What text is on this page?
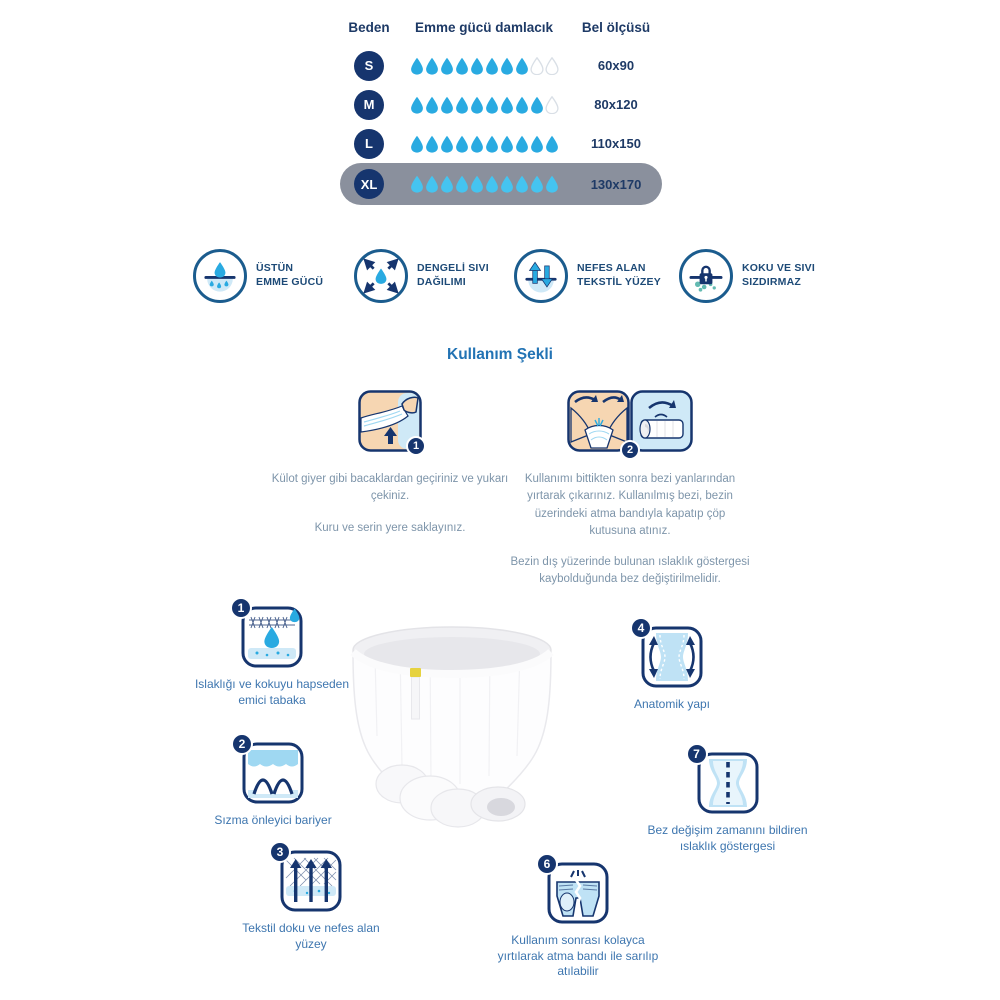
Beden	Emme gücü damlacık	Bel ölçüsü
S	60x90
M	80x120
L	110x150
XL	130x170
ÜSTÜN
EMME GÜCÜ
DENGELİ SIVI
DAĞILIMI
NEFES ALAN
TEKSTİL YÜZEY
KOKU VE SIVI
SIZDIRMAZ
Kullanım Şekli
1

Külot giyer gibi bacaklardan geçiriniz ve yukarı çekiniz.

Kuru ve serin yere saklayınız.

2

Kullanımı bittikten sonra bezi yanlarından yırtarak çıkarınız. Kullanılmış bezi, bezin üzerindeki atma bandıyla kapatıp çöp kutusuna atınız.

Bezin dış yüzerinde bulunan ıslaklık göstergesi kaybolduğunda bez değiştirilmelidir.

1
Islaklığı ve kokuyu hapseden emici tabaka
2
Sızma önleyici bariyer
3
Tekstil doku ve nefes alan yüzey
4
Anatomik yapı
7
Bez değişim zamanını bildiren ıslaklık göstergesi
6
Kullanım sonrası kolayca yırtılarak atma bandı ile sarılıp atılabilir
